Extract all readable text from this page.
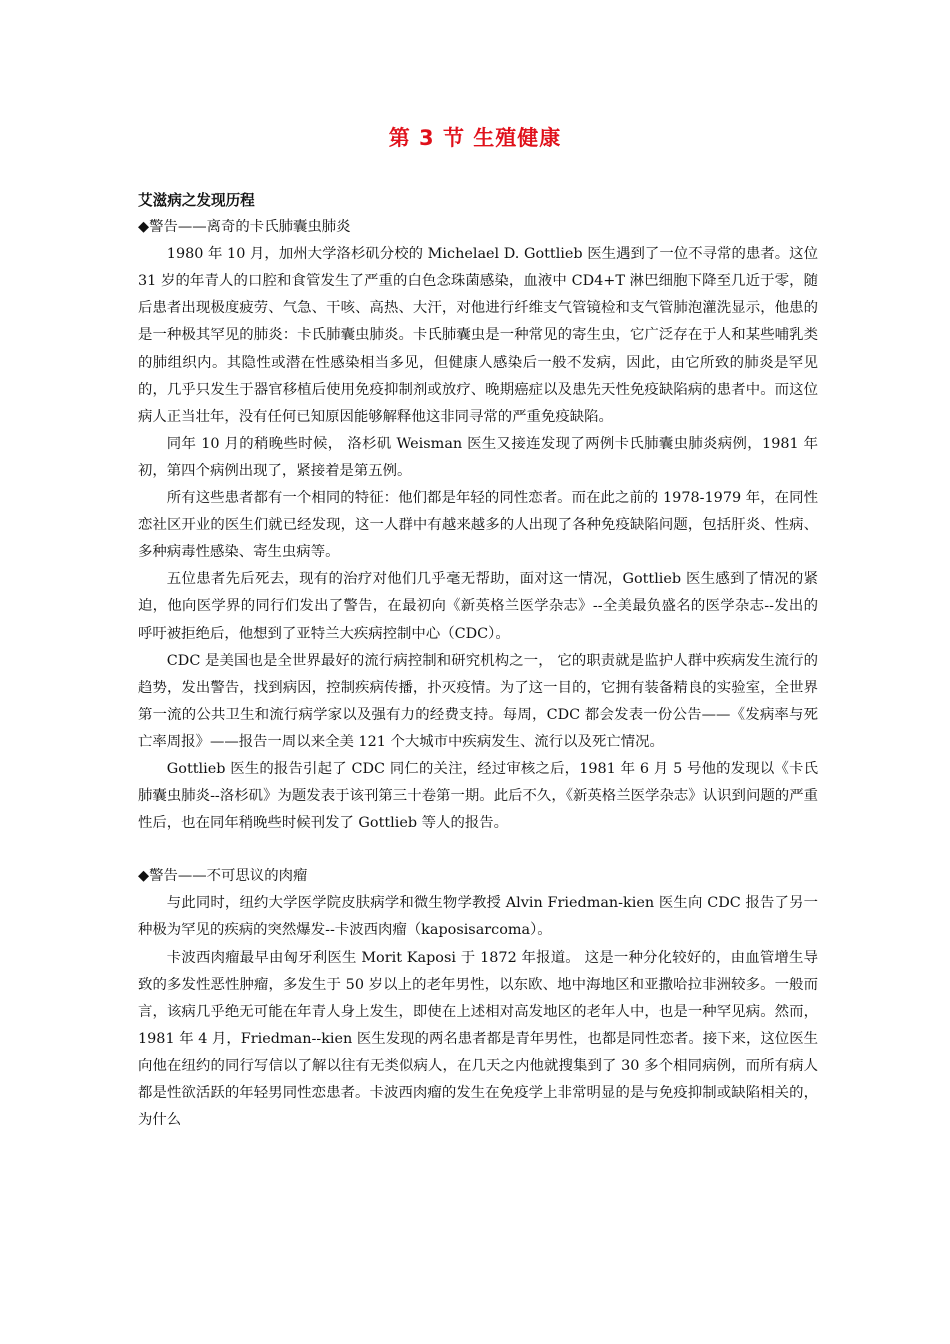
第 3 节 生殖健康
艾滋病之发现历程
◆警告——离奇的卡氏肺囊虫肺炎
1980 年 10 月，加州大学洛杉矶分校的 Michelael D. Gottlieb 医生遇到了一位不寻常的患者。这位 31 岁的年青人的口腔和食管发生了严重的白色念珠菌感染，血液中 CD4+T 淋巴细胞下降至几近于零，随后患者出现极度疲劳、气急、干咳、高热、大汗，对他进行纤维支气管镜检和支气管肺泡灌洗显示，他患的是一种极其罕见的肺炎：卡氏肺囊虫肺炎。卡氏肺囊虫是一种常见的寄生虫，它广泛存在于人和某些哺乳类的肺组织内。其隐性或潜在性感染相当多见，但健康人感染后一般不发病，因此，由它所致的肺炎是罕见的，几乎只发生于器官移植后使用免疫抑制剂或放疗、晚期癌症以及患先天性免疫缺陷病的患者中。而这位病人正当壮年，没有任何已知原因能够解释他这非同寻常的严重免疫缺陷。
同年 10 月的稍晚些时候， 洛杉矶 Weisman 医生又接连发现了两例卡氏肺囊虫肺炎病例，1981 年初，第四个病例出现了，紧接着是第五例。
所有这些患者都有一个相同的特征：他们都是年轻的同性恋者。而在此之前的 1978-1979 年，在同性恋社区开业的医生们就已经发现，这一人群中有越来越多的人出现了各种免疫缺陷问题，包括肝炎、性病、多种病毒性感染、寄生虫病等。
五位患者先后死去，现有的治疗对他们几乎毫无帮助，面对这一情况，Gottlieb 医生感到了情况的紧迫，他向医学界的同行们发出了警告，在最初向《新英格兰医学杂志》--全美最负盛名的医学杂志--发出的呼吁被拒绝后，他想到了亚特兰大疾病控制中心（CDC）。
CDC 是美国也是全世界最好的流行病控制和研究机构之一， 它的职责就是监护人群中疾病发生流行的趋势，发出警告，找到病因，控制疾病传播，扑灭疫情。为了这一目的，它拥有装备精良的实验室，全世界第一流的公共卫生和流行病学家以及强有力的经费支持。每周，CDC 都会发表一份公告——《发病率与死亡率周报》——报告一周以来全美 121 个大城市中疾病发生、流行以及死亡情况。
Gottlieb 医生的报告引起了 CDC 同仁的关注，经过审核之后，1981 年 6 月 5 号他的发现以《卡氏肺囊虫肺炎--洛杉矶》为题发表于该刊第三十卷第一期。此后不久，《新英格兰医学杂志》认识到问题的严重性后，也在同年稍晚些时候刊发了 Gottlieb 等人的报告。
◆警告——不可思议的肉瘤
与此同时，纽约大学医学院皮肤病学和微生物学教授 Alvin Friedman-kien 医生向 CDC 报告了另一种极为罕见的疾病的突然爆发--卡波西肉瘤（kaposisarcoma）。
卡波西肉瘤最早由匈牙利医生 Morit Kaposi 于 1872 年报道。 这是一种分化较好的，由血管增生导致的多发性恶性肿瘤，多发生于 50 岁以上的老年男性，以东欧、地中海地区和亚撒哈拉非洲较多。一般而言，该病几乎绝无可能在年青人身上发生，即使在上述相对高发地区的老年人中，也是一种罕见病。然而，1981 年 4 月，Friedman--kien 医生发现的两名患者都是青年男性，也都是同性恋者。接下来，这位医生向他在纽约的同行写信以了解以往有无类似病人，在几天之内他就搜集到了 30 多个相同病例，而所有病人都是性欲活跃的年轻男同性恋患者。卡波西肉瘤的发生在免疫学上非常明显的是与免疫抑制或缺陷相关的，为什么
